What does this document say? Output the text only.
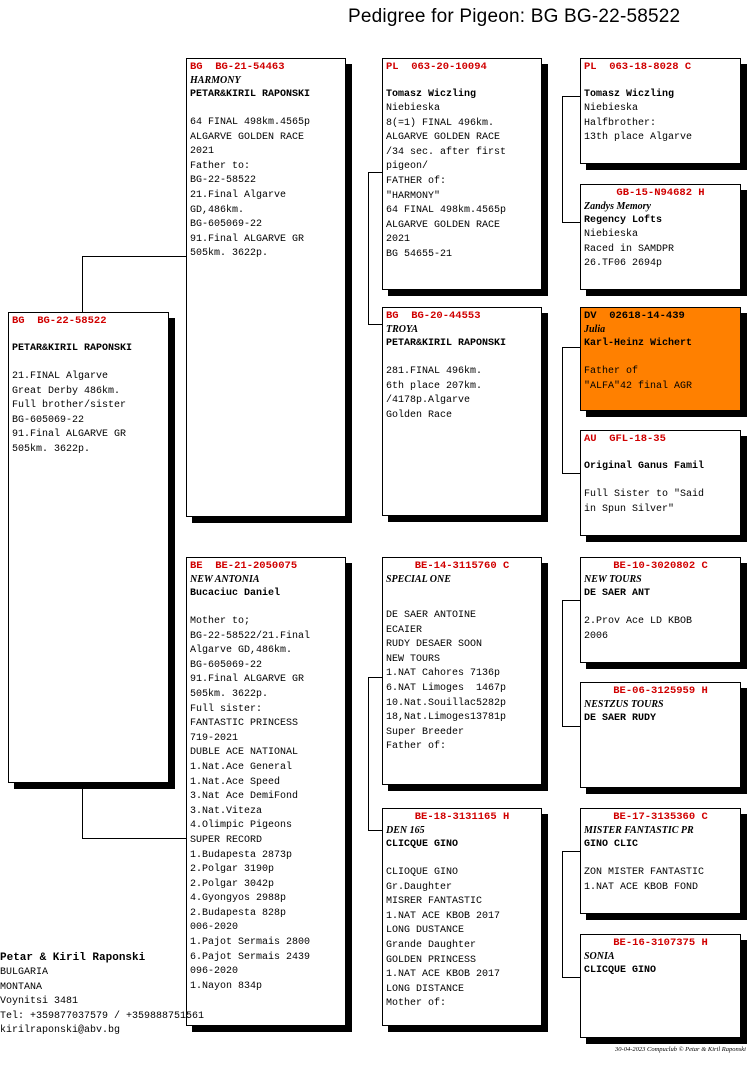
Pedigree for Pigeon: BG BG-22-58522
BG  BG-22-58522
PETAR&KIRIL RAPONSKI
21.FINAL Algarve
Great Derby 486km.
Full brother/sister
BG-605069-22
91.Final ALGARVE GR
505km. 3622p.
BG  BG-21-54463
HARMONY
PETAR&KIRIL RAPONSKI
64 FINAL 498km.4565p
ALGARVE GOLDEN RACE
2021
Father to:
BG-22-58522
21.Final Algarve
GD,486km.
BG-605069-22
91.Final ALGARVE GR
505km. 3622p.
BE  BE-21-2050075
NEW ANTONIA
Bucaciuc Daniel
Mother to;
BG-22-58522/21.Final
Algarve GD,486km.
BG-605069-22
91.Final ALGARVE GR
505km. 3622p.
Full sister:
FANTASTIC PRINCESS
719-2021
DUBLE ACE NATIONAL
1.Nat.Ace General
1.Nat.Ace Speed
3.Nat Ace DemiFond
3.Nat.Viteza
4.Olimpic Pigeons
SUPER RECORD
1.Budapesta 2873p
2.Polgar 3190p
2.Polgar 3042p
4.Gyongyos 2988p
2.Budapesta 828p
006-2020
1.Pajot Sermais 2800
6.Pajot Sermais 2439
096-2020
1.Nayon 834p
PL  063-20-10094
Tomasz Wiczling
Niebieska
8(=1) FINAL 496km.
ALGARVE GOLDEN RACE
/34 sec. after first
pigeon/
FATHER of:
"HARMONY"
64 FINAL 498km.4565p
ALGARVE GOLDEN RACE
2021
BG 54655-21
BG  BG-20-44553
TROYA
PETAR&KIRIL RAPONSKI
281.FINAL 496km.
6th place 207km.
/4178p.Algarve
Golden Race
BE-14-3115760 C
SPECIAL ONE
DE SAER ANTOINE
ECAIER
RUDY DESAER SOON
NEW TOURS
1.NAT Cahores 7136p
6.NAT Limoges  1467p
10.Nat.Souillac5282p
18,Nat.Limoges13781p
Super Breeder
Father of:
BE-18-3131165 H
DEN 165
CLICQUE GINO
CLIOQUE GINO
Gr.Daughter
MISRER FANTASTIC
1.NAT ACE KBOB 2017
LONG DUSTANCE
Grande Daughter
GOLDEN PRINCESS
1.NAT ACE KBOB 2017
LONG DISTANCE
Mother of:
PL  063-18-8028 C
Tomasz Wiczling
Niebieska
Halfbrother:
13th place Algarve
GB-15-N94682 H
Zandys Memory
Regency Lofts
Niebieska
Raced in SAMDPR
26.TF06 2694p
DV  02618-14-439
Julia
Karl-Heinz Wichert
Father of
"ALFA"42 final AGR
AU  GFL-18-35
Original Ganus Famil
Full Sister to "Said
in Spun Silver"
BE-10-3020802 C
NEW TOURS
DE SAER ANT
2.Prov Ace LD KBOB
2006
BE-06-3125959 H
NESTZUS TOURS
DE SAER RUDY
BE-17-3135360 C
MISTER FANTASTIC PR
GINO CLIC
ZON MISTER FANTASTIC
1.NAT ACE KBOB FOND
BE-16-3107375 H
SONIA
CLICQUE GINO
Petar & Kiril Raponski
BULGARIA
MONTANA
Voynitsi 3481
Tel: +359877037579 / +359888751561
kirilraponski@abv.bg
30-04-2023 Compuclub © Petar & Kiril Raponski
